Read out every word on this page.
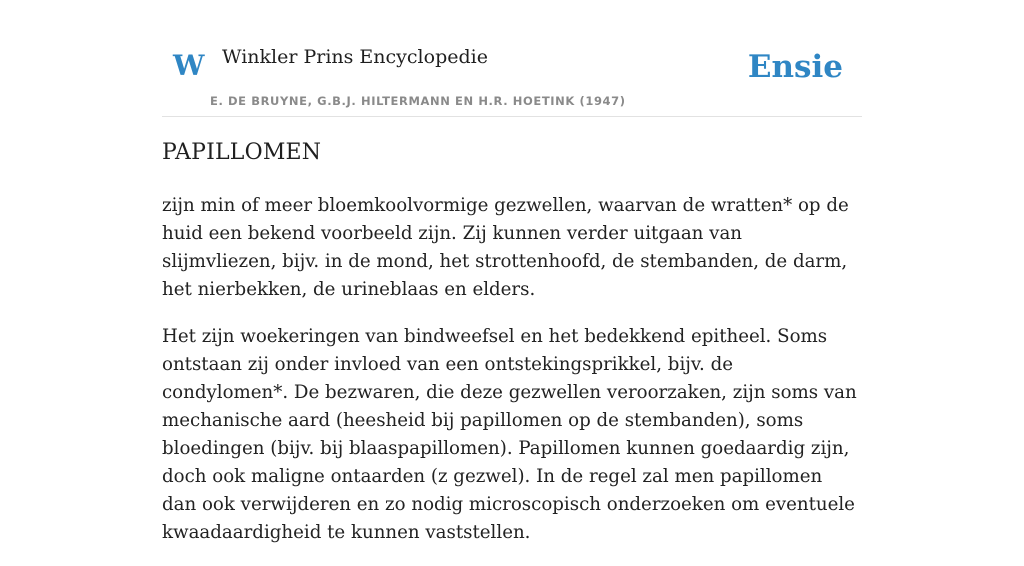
W Winkler Prins Encyclopedie
E. DE BRUYNE, G.B.J. HILTERMANN EN H.R. HOETINK (1947)
Ensie
PAPILLOMEN

zijn min of meer bloemkoolvormige gezwellen, waarvan de wratten* op de huid een bekend voorbeeld zijn. Zij kunnen verder uitgaan van slijmvliezen, bijv. in de mond, het strottenhoofd, de stembanden, de darm, het nierbekken, de urineblaas en elders.

Het zijn woekeringen van bindweefsel en het bedekkend epitheel. Soms ontstaan zij onder invloed van een ontstekingsprikkel, bijv. de condylomen*. De bezwaren, die deze gezwellen veroorzaken, zijn soms van mechanische aard (heesheid bij papillomen op de stembanden), soms bloedingen (bijv. bij blaaspapillomen). Papillomen kunnen goedaardig zijn, doch ook maligne ontaarden (z gezwel). In de regel zal men papillomen dan ook verwijderen en zo nodig microscopisch onderzoeken om eventuele kwaadaardigheid te kunnen vaststellen.
